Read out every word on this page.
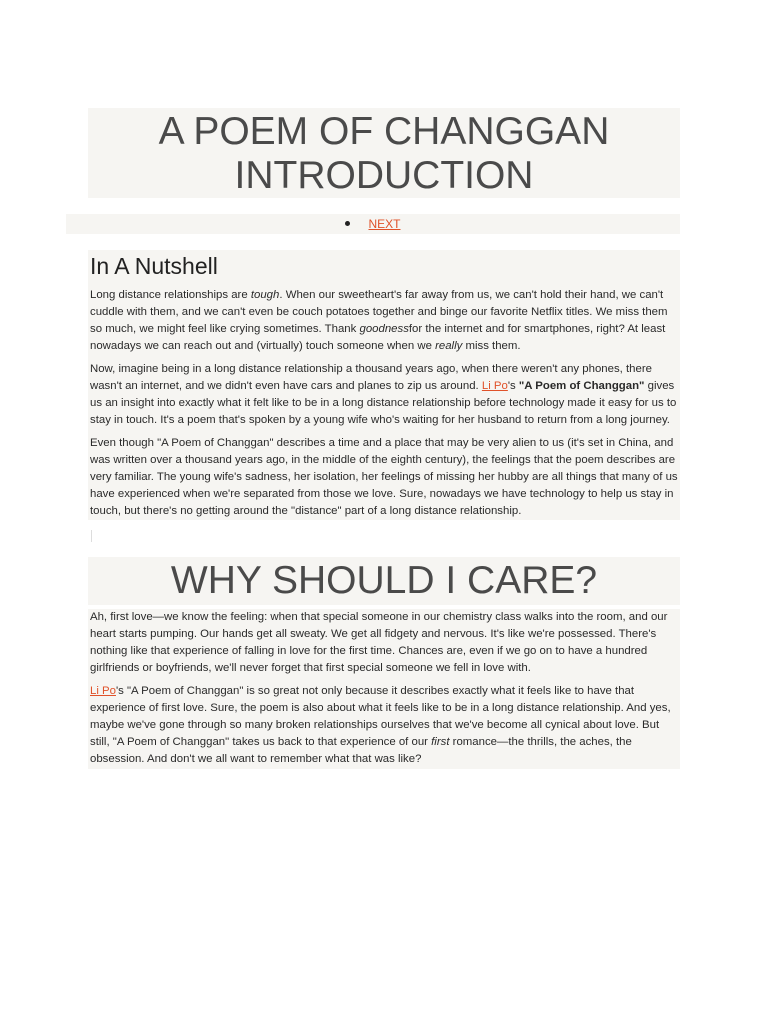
A POEM OF CHANGGAN
INTRODUCTION
NEXT
In A Nutshell

Long distance relationships are tough. When our sweetheart's far away from us, we can't hold their hand, we can't cuddle with them, and we can't even be couch potatoes together and binge our favorite Netflix titles. We miss them so much, we might feel like crying sometimes. Thank goodnessfor the internet and for smartphones, right? At least nowadays we can reach out and (virtually) touch someone when we really miss them.

Now, imagine being in a long distance relationship a thousand years ago, when there weren't any phones, there wasn't an internet, and we didn't even have cars and planes to zip us around. Li Po's "A Poem of Changgan" gives us an insight into exactly what it felt like to be in a long distance relationship before technology made it easy for us to stay in touch. It's a poem that's spoken by a young wife who's waiting for her husband to return from a long journey.

Even though "A Poem of Changgan" describes a time and a place that may be very alien to us (it's set in China, and was written over a thousand years ago, in the middle of the eighth century), the feelings that the poem describes are very familiar. The young wife's sadness, her isolation, her feelings of missing her hubby are all things that many of us have experienced when we're separated from those we love. Sure, nowadays we have technology to help us stay in touch, but there's no getting around the "distance" part of a long distance relationship.

WHY SHOULD I CARE?

Ah, first love—we know the feeling: when that special someone in our chemistry class walks into the room, and our heart starts pumping. Our hands get all sweaty. We get all fidgety and nervous. It's like we're possessed. There's nothing like that experience of falling in love for the first time. Chances are, even if we go on to have a hundred girlfriends or boyfriends, we'll never forget that first special someone we fell in love with.

Li Po's "A Poem of Changgan" is so great not only because it describes exactly what it feels like to have that experience of first love. Sure, the poem is also about what it feels like to be in a long distance relationship. And yes, maybe we've gone through so many broken relationships ourselves that we've become all cynical about love. But still, "A Poem of Changgan" takes us back to that experience of our first romance—the thrills, the aches, the obsession. And don't we all want to remember what that was like?
